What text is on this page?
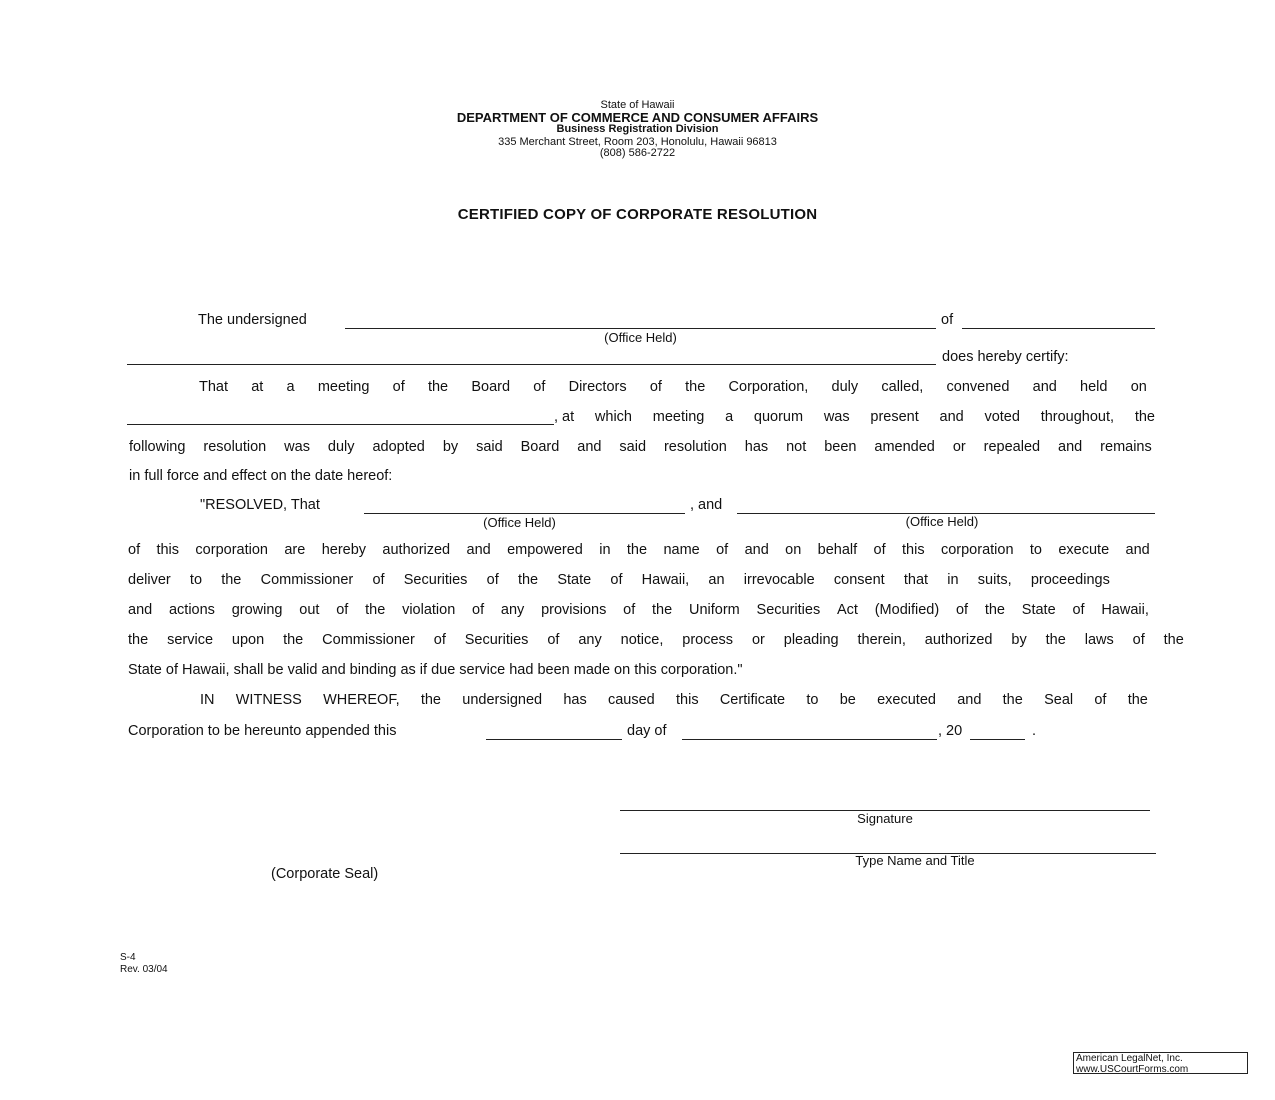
State of Hawaii
DEPARTMENT OF COMMERCE AND CONSUMER AFFAIRS
Business Registration Division
335 Merchant Street, Room 203, Honolulu, Hawaii 96813
(808) 586-2722
CERTIFIED COPY OF CORPORATE RESOLUTION
The undersigned	of
(Office Held)
does hereby certify:
That at a meeting of the Board of Directors of the Corporation, duly called, convened and held on
, at which meeting a quorum was present and voted throughout, the
following resolution was duly adopted by said Board and said resolution has not been amended or repealed and remains
in full force and effect on the date hereof:
"RESOLVED, That	, and
(Office Held)	(Office Held)
of this corporation are hereby authorized and empowered in the name of and on behalf of this corporation to execute and
deliver to the Commissioner of Securities of the State of Hawaii, an irrevocable consent that in suits, proceedings
and actions growing out of the violation of any provisions of the Uniform Securities Act (Modified) of the State of Hawaii,
the service upon the Commissioner of Securities of any notice, process or pleading therein, authorized by the laws of the
State of Hawaii, shall be valid and binding as if due service had been made on this corporation."
IN WITNESS WHEREOF, the undersigned has caused this Certificate to be executed and the Seal of the
Corporation to be hereunto appended this	day of	, 20	.
Signature
Type Name and Title
(Corporate Seal)
S-4
Rev. 03/04
American LegalNet, Inc.
www.USCourtForms.com
